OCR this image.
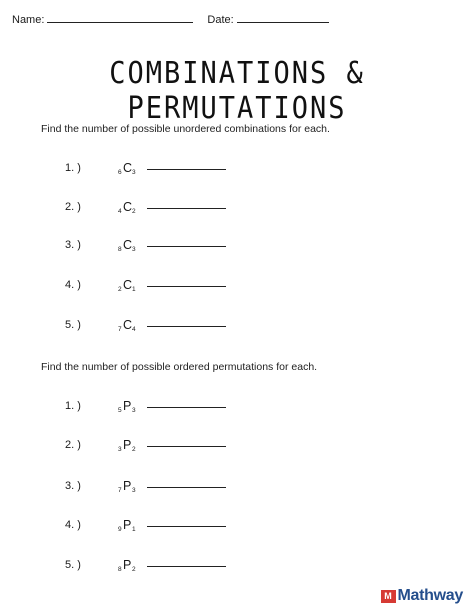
Name:	Date:
COMBINATIONS & PERMUTATIONS
Find the number of possible unordered combinations for each.
1. )	6 C 3
2. )	4 C 2
3. )	8 C 3
4. )	2 C 1
5. )	7 C 4
Find the number of possible ordered permutations for each.
1. )	5 P 3
2. )	3 P 2
3. )	7 P 3
4. )	9 P 1
5. )	8 P 2
M Mathway
